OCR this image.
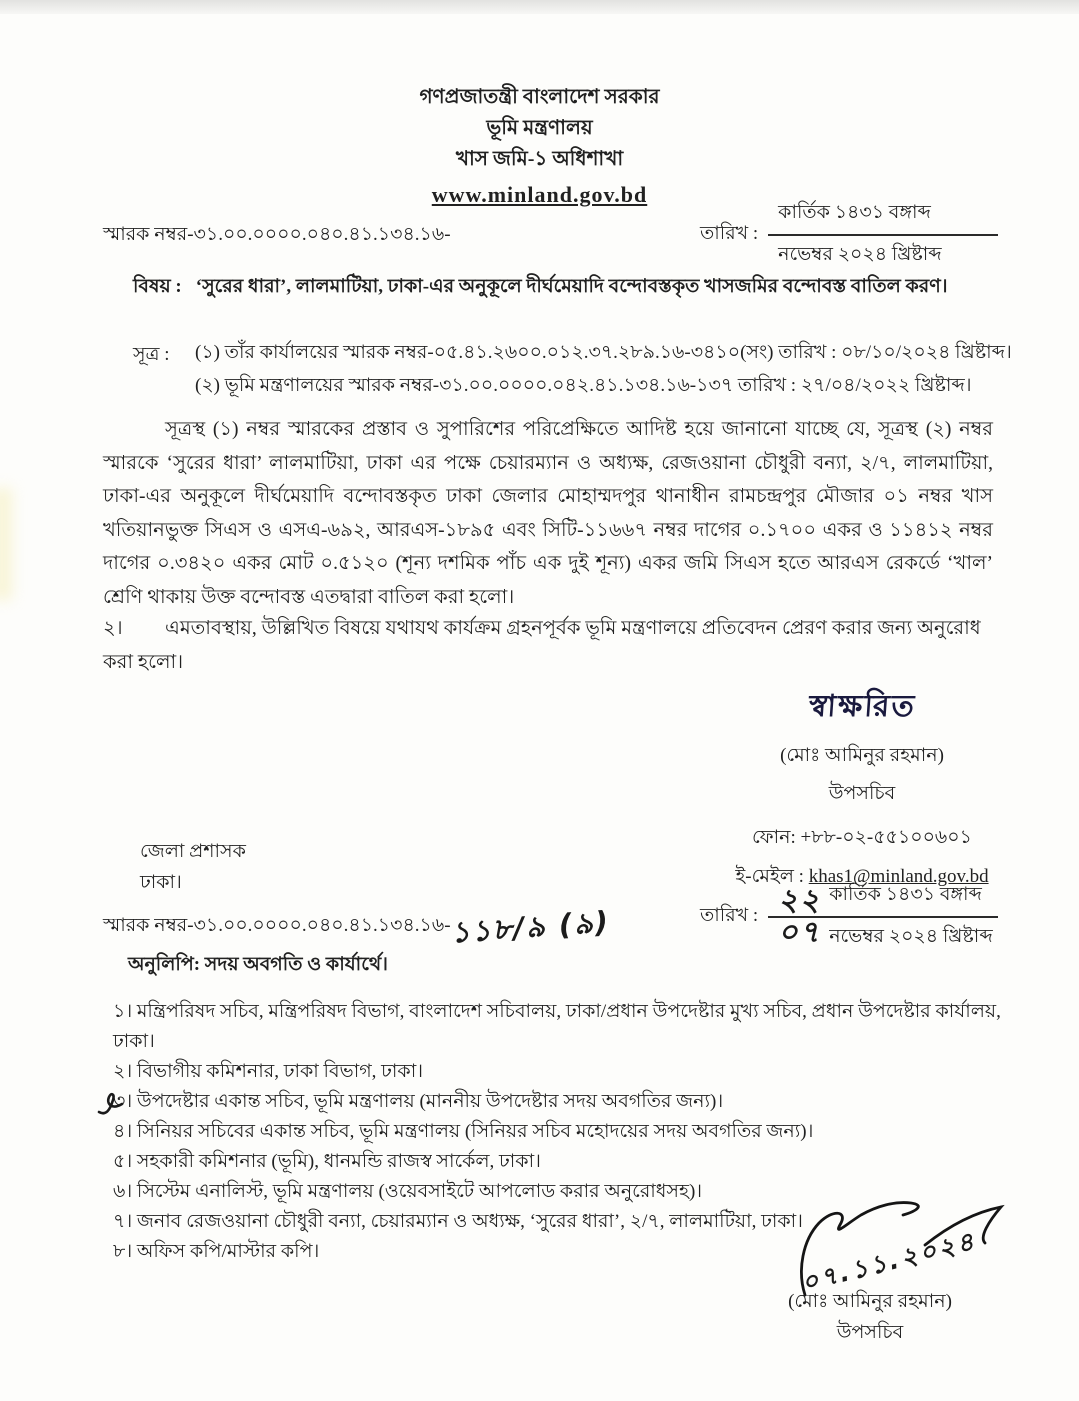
গণপ্রজাতন্ত্রী বাংলাদেশ সরকার
ভূমি মন্ত্রণালয়
খাস জমি-১ অধিশাখা
www.minland.gov.bd
স্মারক নম্বর-৩১.০০.০০০০.০৪০.৪১.১৩৪.১৬-	তারিখ : $\frac{\text{কার্তিক ১৪৩১ বঙ্গাব্দ}}{\text{নভেম্বর ২০২৪ খ্রিষ্টাব্দ}}$
বিষয় : ‘সুরের ধারা’, লালমাটিয়া, ঢাকা-এর অনুকূলে দীর্ঘমেয়াদি বন্দোবস্তকৃত খাসজমির বন্দোবস্ত বাতিল করণ।
সূত্র : (১) তাঁর কার্যালয়ের স্মারক নম্বর-০৫.৪১.২৬০০.০১২.৩৭.২৮৯.১৬-৩৪১০(সং) তারিখ : ০৮/১০/২০২৪ খ্রিষ্টাব্দ।
(২) ভূমি মন্ত্রণালয়ের স্মারক নম্বর-৩১.০০.০০০০.০৪২.৪১.১৩৪.১৬-১৩৭ তারিখ : ২৭/০৪/২০২২ খ্রিষ্টাব্দ।
সূত্রস্থ (১) নম্বর স্মারকের প্রস্তাব ও সুপারিশের পরিপ্রেক্ষিতে আদিষ্ট হয়ে জানানো যাচ্ছে যে, সূত্রস্থ (২) নম্বর স্মারকে ‘সুরের ধারা’ লালমাটিয়া, ঢাকা এর পক্ষে চেয়ারম্যান ও অধ্যক্ষ, রেজওয়ানা চৌধুরী বন্যা, ২/৭, লালমাটিয়া, ঢাকা-এর অনুকূলে দীর্ঘমেয়াদি বন্দোবস্তকৃত ঢাকা জেলার মোহাম্মদপুর থানাধীন রামচন্দ্রপুর মৌজার ০১ নম্বর খাস খতিয়ানভুক্ত সিএস ও এসএ-৬৯২, আরএস-১৮৯৫ এবং সিটি-১১৬৬৭ নম্বর দাগের ০.১৭০০ একর ও ১১৪১২ নম্বর দাগের ০.৩৪২০ একর মোট ০.৫১২০ (শূন্য দশমিক পাঁচ এক দুই শূন্য) একর জমি সিএস হতে আরএস রেকর্ডে ‘খাল’ শ্রেণি থাকায় উক্ত বন্দোবস্ত এতদ্বারা বাতিল করা হলো।
২। এমতাবস্থায়, উল্লিখিত বিষয়ে যথাযথ কার্যক্রম গ্রহনপূর্বক ভূমি মন্ত্রণালয়ে প্রতিবেদন প্রেরণ করার জন্য অনুরোধ করা হলো।
স্বাক্ষরিত
(মোঃ আমিনুর রহমান)
উপসচিব
ফোন: +৮৮-০২-৫৫১০০৬০১
ই-মেইল : khas1@minland.gov.bd
জেলা প্রশাসক
ঢাকা।
স্মারক নম্বর-৩১.০০.০০০০.০৪০.৪১.১৩৪.১৬-১১৮/৯ (৯)	তারিখ : $\frac{\text{২২ কার্তিক ১৪৩১ বঙ্গাব্দ}}{\text{০৭ নভেম্বর ২০২৪ খ্রিষ্টাব্দ}}$
অনুলিপি: সদয় অবগতি ও কার্যার্থে।
১। মন্ত্রিপরিষদ সচিব, মন্ত্রিপরিষদ বিভাগ, বাংলাদেশ সচিবালয়, ঢাকা/প্রধান উপদেষ্টার মুখ্য সচিব, প্রধান উপদেষ্টার কার্যালয়, ঢাকা।
২। বিভাগীয় কমিশনার, ঢাকা বিভাগ, ঢাকা।
৩। উপদেষ্টার একান্ত সচিব, ভূমি মন্ত্রণালয় (মাননীয় উপদেষ্টার সদয় অবগতির জন্য)।
৪। সিনিয়র সচিবের একান্ত সচিব, ভূমি মন্ত্রণালয় (সিনিয়র সচিব মহোদয়ের সদয় অবগতির জন্য)।
৫। সহকারী কমিশনার (ভূমি), ধানমন্ডি রাজস্ব সার্কেল, ঢাকা।
৬। সিস্টেম এনালিস্ট, ভূমি মন্ত্রণালয় (ওয়েবসাইটে আপলোড করার অনুরোধসহ)।
৭। জনাব রেজওয়ানা চৌধুরী বন্যা, চেয়ারম্যান ও অধ্যক্ষ, ‘সুরের ধারা’, ২/৭, লালমাটিয়া, ঢাকা।
৮। অফিস কপি/মাস্টার কপি।	০৭.১১.২০২৪
(মোঃ আমিনুর রহমান)
উপসচিব
